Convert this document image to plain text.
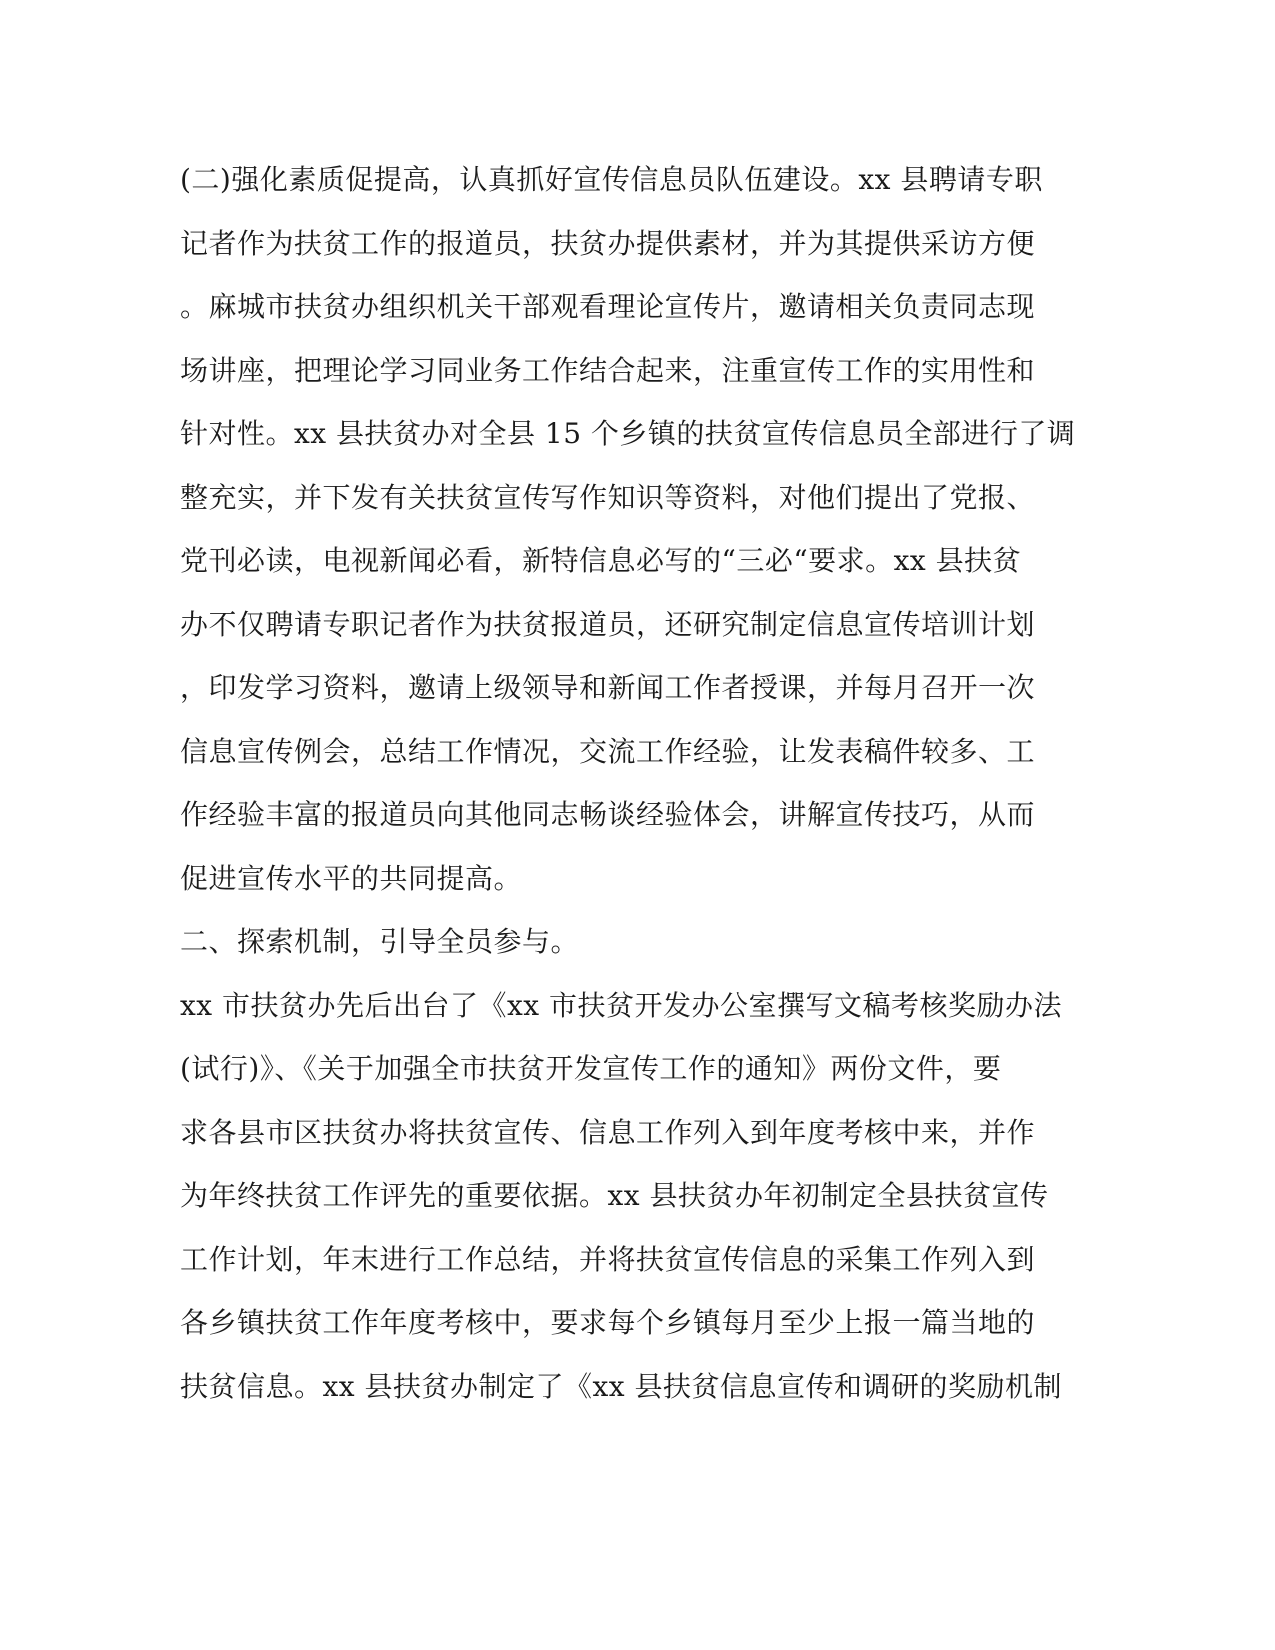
(二)强化素质促提高，认真抓好宣传信息员队伍建设。xx 县聘请专职
记者作为扶贫工作的报道员，扶贫办提供素材，并为其提供采访方便
。麻城市扶贫办组织机关干部观看理论宣传片，邀请相关负责同志现
场讲座，把理论学习同业务工作结合起来，注重宣传工作的实用性和
针对性。xx 县扶贫办对全县 15 个乡镇的扶贫宣传信息员全部进行了调
整充实，并下发有关扶贫宣传写作知识等资料，对他们提出了党报、
党刊必读，电视新闻必看，新特信息必写的“三必“要求。xx 县扶贫
办不仅聘请专职记者作为扶贫报道员，还研究制定信息宣传培训计划
，印发学习资料，邀请上级领导和新闻工作者授课，并每月召开一次
信息宣传例会，总结工作情况，交流工作经验，让发表稿件较多、工
作经验丰富的报道员向其他同志畅谈经验体会，讲解宣传技巧，从而
促进宣传水平的共同提高。
二、探索机制，引导全员参与。
xx 市扶贫办先后出台了《xx 市扶贫开发办公室撰写文稿考核奖励办法
(试行)》、《关于加强全市扶贫开发宣传工作的通知》两份文件，要
求各县市区扶贫办将扶贫宣传、信息工作列入到年度考核中来，并作
为年终扶贫工作评先的重要依据。xx 县扶贫办年初制定全县扶贫宣传
工作计划，年末进行工作总结，并将扶贫宣传信息的采集工作列入到
各乡镇扶贫工作年度考核中，要求每个乡镇每月至少上报一篇当地的
扶贫信息。xx 县扶贫办制定了《xx 县扶贫信息宣传和调研的奖励机制
